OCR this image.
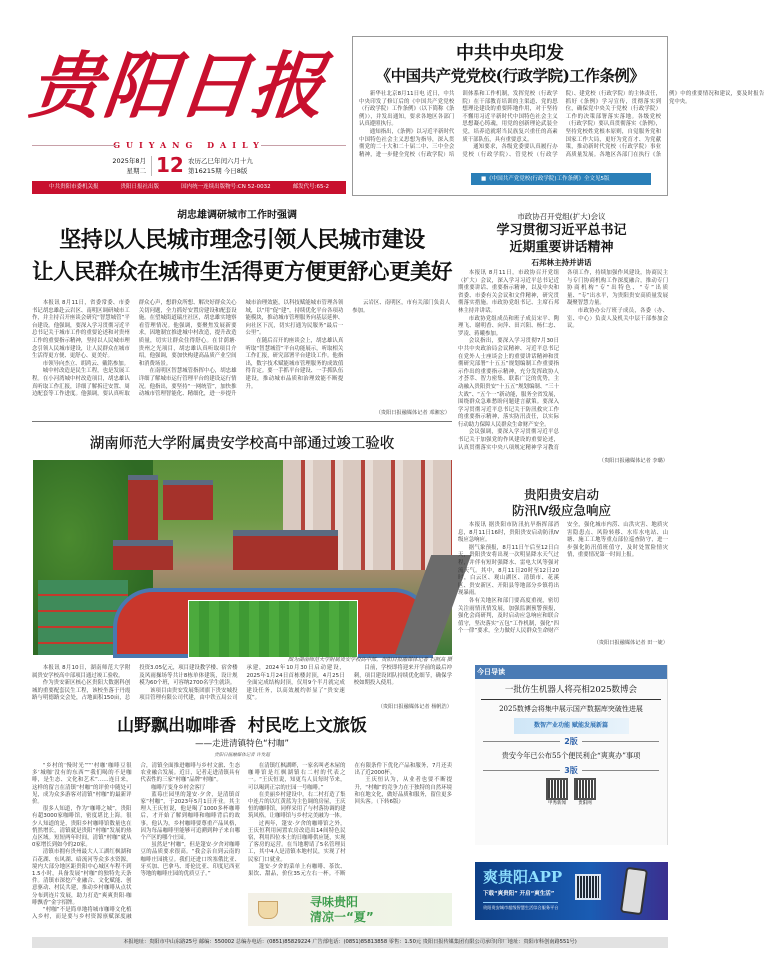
贵阳日报
GUIYANG DAILY
2025年8月
星期二 12 农历乙巳年闰六月十九
第16215期 今日8版
中共贵阳市委机关报	贵阳日报社出版	国内统一连续出版物号:CN 52-0032	邮发代号:65-2
中共中央印发
《中国共产党党校(行政学院)工作条例》

新华社北京8月11日电 近日，中共中央印发了修订后的《中国共产党党校（行政学院）工作条例》（以下简称《条例》），并发出通知，要求各地区各部门认真遵照执行。

通知指出，《条例》以习近平新时代中国特色社会主义思想为指导，深入贯彻党的二十大和二十届二中、三中全会精神，进一步健全党校（行政学院）培训体系和工作机制，发挥党校（行政学院）在干部教育培训的主渠道、党的思想理论建设的重要阵地作用，对于坚持不懈用习近平新时代中国特色社会主义思想凝心铸魂，用党的创新理论武装全党，培养造就堪当民族复兴重任的高素质干部队伍，具有重要意义。

通知要求，各级党委要认真履行办党校（行政学院）、管党校（行政学院）、建党校（行政学院）的主体责任，抓好《条例》学习宣传，贯彻落实到位，确保党中央关于党校（行政学院）工作的决策部署落实落地。各级党校（行政学院）要认真贯彻落实《条例》，坚持党校姓党根本原则，自觉服务党和国家工作大局，更好为党育才、为党献策，推动新时代党校（行政学院）事业高质量发展。各地区各部门在执行《条例》中的重要情况和建议，要及时报告党中央。

■《中国共产党党校(行政学院)工作条例》全文见5版
胡忠雄调研城市工作时强调
坚持以人民城市理念引领人民城市建设
让人民群众在城市生活得更方便更舒心更美好

本报讯 8月11日，省委常委、市委书记胡忠雄赴云岩区、南明区调研城市工作，并主持召开座谈会研究“智慧城管”平台建设。他强调，要深入学习贯彻习近平总书记关于城市工作的重要论述和对贵州工作的重要指示精神，坚持以人民城市理念引领人民城市建设，让人民群众在城市生活得更方便、更舒心、更美好。

市领导向杰立、胡鸿云、戴铭参加。

城中村改造是民生工程，也是发展工程。在小河湾城中村改造项目，胡忠雄认真听取工作汇报，详细了解拆迁安置、周边配套等工作进度。他强调，要认真听取群众心声，想群众所想、解决好群众关心关切问题，全力抓好安置房建设和配套设施。在望城街道瑞庄社区，胡忠雄实地察看管理情况。他强调，要聚焦发展新要求，因地制宜推进城中村改造，提升改造质量，切实让群众住得舒心。在甘荫塘·贵州之光项目，胡忠雄认真听取项目介绍，他强调，要加快构建高品质产业空间和消费场景。

在南明区智慧城管指挥中心，胡忠雄详细了解城市运行管理平台的建设运行情况。他指出，要坚持“一网统管”，加快推动城市管理智能化、精细化，进一步提升城市治理效能，以科技赋能城市管理各领域，以“用”促“建”，持续优化平台各项功能模块，推动城市管理服务向基层延伸、向社区下沉，切实打通为民服务“最后一公里”。

在随后召开的座谈会上，胡忠雄认真听取“智慧城管”平台功能展示，听取相关工作汇报，研究部署平台建设工作。他指出，数字技术赋能城市管理服务的成效值得肯定。要一手抓平台建设、一手抓队伍建设，推动城市品质和治理效能不断提升。

云岩区、南明区，市有关部门负责人参加。

（贵阳日报融媒体记者 邓湘宏）
市政协召开党组(扩大)会议
学习贯彻习近平总书记
近期重要讲话精神
石邦林主持并讲话

本报讯 8月11日，市政协召开党组（扩大）会议，深入学习习近平总书记近期重要讲话、重要指示精神，以及中央和省委、市委有关会议和文件精神，研究贯彻落实措施。市政协党组书记、主席石邦林主持并讲话。

市政协党组成员和班子成员宋平、陶理飞、谢明香、向萍、田兴阳、杨仁忠、罗凌、蒋曦参加。

会议指出，要深入学习贯彻7月30日中共中央政治局会议精神、习近平总书记在党外人士座谈会上的重要讲话精神和贯彻研究部署“十五五”规划编制工作重要指示作出的重要指示精神，充分发挥政协人才荟萃、智力密集、联系广泛的优势，主动融入贵阳贵安“十五五”规划编制、“三十大战”、“五个一”新动能，服务全省发展，围绕群众急难愁盼问题建言献策。要深入学习贯彻习近平总书记关于防汛救灾工作的重要指示精神，落实防汛责任，以实际行动助力保障人民群众生命财产安全。

会议强调，要深入学习贯彻习近平总书记关于加强党的作风建设的重要论述，认真贯彻落实中央八项规定精神学习教育各项工作，持续加强作风建设，协商民主与专门协商机构工作深度融合，推动专门协商机构“专”出特色、“专”出质量、“专”出水平，为贵阳贵安高质量发展凝聚智慧力量。

市政协办公厅班子成员，各委（办、室、中心）负责人及机关中层干部参加会议。

（贵阳日报融媒体记者 李璐）
湖南师范大学附属贵安学校高中部通过竣工验收
图为湖南师范大学附属贵安学校高中部。贵阳日报融媒体记者 石照高 摄

本报讯 8月10日，湖南师范大学附属贵安学校高中部项目通过竣工验收。

作为贵安新区核心区贵阳大数据科创城的重要配套民生工程，该校坐落于丹霞路与明德路交会处，占地面积150亩，总投资3.05亿元，项目建设教学楼、宿舍楼及风雨操场等共计8栋单体建筑，设计规模为60个班，可容纳2700名学生就读。

该项目由贵安发展集团旗下贵安城投项目管理有限公司代建，由中铁五局公司承建，2024年10月30日启动建设，2025年1月24日首栋楼封顶，4月25日全面完成结构封顶，仅用9个半月就完成建设任务，以高效履约彰显了“贵安速度”。

目前，学校即将迎来开学前的最后冲刺，项目建设团队持续优化细节，确保学校如期投入使用。

（贵阳日报融媒体记者 杨帆浩）
贵阳贵安启动
防汛Ⅳ级应急响应

本报讯 据贵阳市防汛抗旱指挥部消息，8月11日16时，贵阳贵安启动防汛Ⅳ级应急响应。

据气象预报，8月11日午后至12日白天，贵阳贵安将出现一次明显降水天气过程，并伴有短时强降水、雷电大风等强对流天气。其中，8月11日20时至12日20时，白云区、观山湖区、清镇市、花溪区、贵安新区、开阳县等地部分乡镇将出现暴雨。

各有关地区和部门要高度重视，密切关注雨情汛情发展，加强监测预警预报，强化会商研判，及时启动应急响应和联合值守，坚决落实“五包”工作机制，强化“四个一律”要求，全力做好人民群众生命财产安全，强化城市内涝、山洪灾害、地质灾害隐患点、风险转移、水库水电站、山塘、施工工地等重点部位巡查防守，进一步强化防汛值班值守，及时处置险情灾情，重要情况第一时间上报。

（贵阳日报融媒体记者 田一婕）
今日导读
一批仿生机器人将亮相2025数博会
2025数博会将集中展示国产数据库突破性进展
数智产业功能 赋能发展新篇
2版
贵安今年已公布55个便民利企“爽爽办”事项
3版
甲秀新闻	贵阳网
爽贵阳APP
下载“爽贵阳” 开启“爽生活”
贵阳贵安城市超级智慧生活综合服务平台
山野飘出咖啡香  村民吃上文旅饭
——走进清镇特色“村咖”
贵阳日报融媒体记者 许发超

“乡村的‘慢时光’”“‘村咖’咖啡豆很多‘城咖’没有的东西”“我们喝的不是咖啡，是生态、文化和艺术”……连日来，这样的留言在清镇“村咖”的评价中随处可见，成为众多游客对清镇“村咖”的最新评价。

很多人知道，作为“咖啡之城”，贵阳有超3000家咖啡馆，密度堪比上海。很少人知道的是，贵阳乡村咖啡馆数量也在悄然增长，清镇就是贵阳“村咖”发展的热点区域。短短两年时间，清镇“村咖”就从0家增长到如今的20家。

清镇市拥有贵州最大人工湖红枫湖和百花湖、东风湖、暗流河等众多水资源，境内大部分地区距贵阳中心城区车程不到1.5小时，具备发展“村咖”的独特先天条件。清镇市深挖产业融合、文化赋能、创意驱动、村民共建，推动乡村咖啡从点状分布到连片发展，助力打造“爽爽贵阳·咖啡飘香”金字招牌。

“村咖”不是简单地将城市咖啡文化植入乡村，而是要与乡村资源禀赋深度融合，清镇全面推进咖啡与乡村文旅、生态农业融合发展。近日，记者走进清镇具有代表性的三家“村咖”品牌“村咖”。

咖啡厅变身乡村会客厅

蓝莓庄园里的篷安·夕舍，是清镇首家“村咖”，于2023年5月1日开业。其主理人王庆恒说，他是喝了1000多杯咖啡后，才开始了解到咖啡和咖啡背后的故事。他认为，乡村咖啡要尊重产品风格，因为每品咖啡里能够可追溯到种子来自哪个产区的哪个庄园。

虽然是“村咖”，但是篷安·夕舍对咖啡豆的品质要求很高。“我会亲自到云南的咖啡庄园挑豆。我们还进口埃塞俄比亚、牙买加、巴拿马、哥伦比亚、印度尼西亚等地的咖啡庄园的优质豆子。”

在清镇红枫湖畔，一家名叫老木屋的咖啡馆是红枫湖镇右二村的代表之一。“王庆恒说，知更鸟人员每时节来，可以喝到正宗的庄园一号咖啡。”

在美丽乡村建设中，右二村打造了集中连片的以红黄蓝为主色调的房屋，王庆恒的咖啡馆，同样采用了与村落协调的建筑风格，让咖啡馆与乡村完美融为一体。

过两年，篷安·夕舍的咖啡馆之外，王庆恒利用闲置农房改造出14间特色民宿，利用四位本土的日咖啡供应链，实现了客房的运营。在当地聘请了5名管理员工，其中4人是清镇本地村民，实现了村民家门口就业。

篷安·夕舍的菜单上有咖啡、茶饮、果饮、甜品，价位35元左右一杯。不断在有限条件下优化产品和服务，7月还卖出了近2000杯。

王庆恒认为，从业者也要不断提升，“村咖”的竞争力在于独特的自然环境和在地文化，做好品质和服务，留住更多回头客。（下转6版）

寻味贵阳
清凉一“夏”
本报地址：贵阳市中山东路25号 邮编：550002 总编办电话：(0851)85829224 广告部电话：(0851)85813858 零售：1.50元 贵阳日报传媒集团有限公司承印(印厂地址：贵阳市科创南路551号)
